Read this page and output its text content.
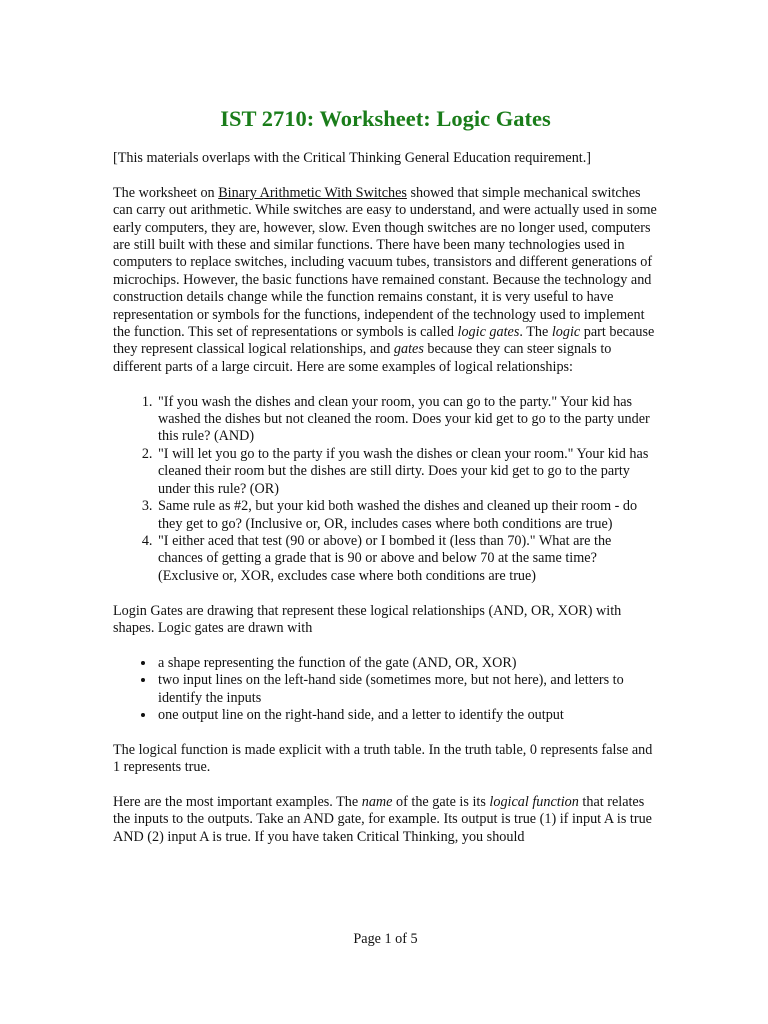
IST 2710: Worksheet: Logic Gates

[This materials overlaps with the Critical Thinking General Education requirement.]

The worksheet on Binary Arithmetic With Switches showed that simple mechanical switches can carry out arithmetic. While switches are easy to understand, and were actually used in some early computers, they are, however, slow. Even though switches are no longer used, computers are still built with these and similar functions. There have been many technologies used in computers to replace switches, including vacuum tubes, transistors and different generations of microchips. However, the basic functions have remained constant. Because the technology and construction details change while the function remains constant, it is very useful to have representation or symbols for the functions, independent of the technology used to implement the function. This set of representations or symbols is called logic gates. The logic part because they represent classical logical relationships, and gates because they can steer signals to different parts of a large circuit. Here are some examples of logical relationships:

1. "If you wash the dishes and clean your room, you can go to the party." Your kid has washed the dishes but not cleaned the room. Does your kid get to go to the party under this rule? (AND)
2. "I will let you go to the party if you wash the dishes or clean your room." Your kid has cleaned their room but the dishes are still dirty. Does your kid get to go to the party under this rule? (OR)
3. Same rule as #2, but your kid both washed the dishes and cleaned up their room - do they get to go? (Inclusive or, OR, includes cases where both conditions are true)
4. "I either aced that test (90 or above) or I bombed it (less than 70)." What are the chances of getting a grade that is 90 or above and below 70 at the same time? (Exclusive or, XOR, excludes case where both conditions are true)

Login Gates are drawing that represent these logical relationships (AND, OR, XOR) with shapes. Logic gates are drawn with

• a shape representing the function of the gate (AND, OR, XOR)
• two input lines on the left-hand side (sometimes more, but not here), and letters to identify the inputs
• one output line on the right-hand side, and a letter to identify the output

The logical function is made explicit with a truth table. In the truth table, 0 represents false and 1 represents true.

Here are the most important examples. The name of the gate is its logical function that relates the inputs to the outputs. Take an AND gate, for example. Its output is true (1) if input A is true AND (2) input A is true. If you have taken Critical Thinking, you should

Page 1 of 5
